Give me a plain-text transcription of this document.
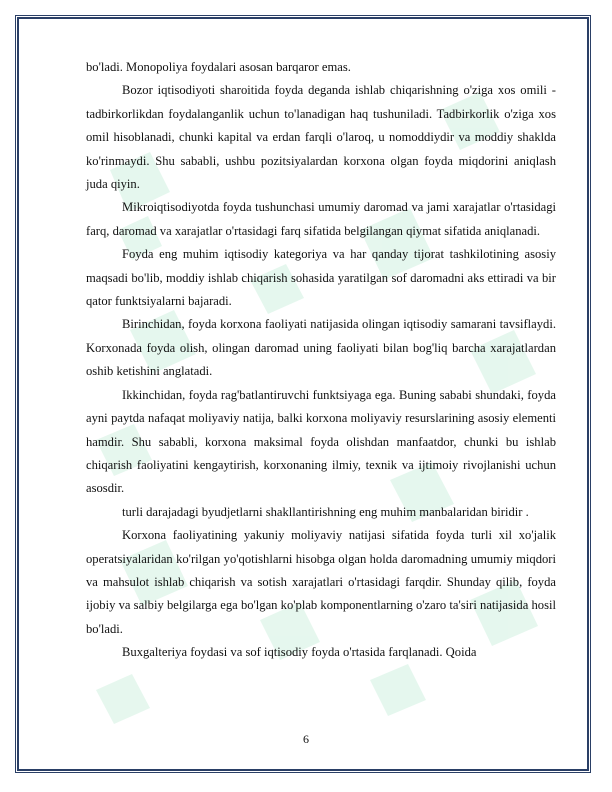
bo'ladi. Monopoliya foydalari asosan barqaror emas.

Bozor iqtisodiyoti sharoitida foyda deganda ishlab chiqarishning o'ziga xos omili - tadbirkorlikdan foydalanganlik uchun to'lanadigan haq tushuniladi. Tadbirkorlik o'ziga xos omil hisoblanadi, chunki kapital va erdan farqli o'laroq, u nomoddiydir va moddiy shaklda ko'rinmaydi. Shu sababli, ushbu pozitsiyalardan korxona olgan foyda miqdorini aniqlash juda qiyin.

Mikroiqtisodiyotda foyda tushunchasi umumiy daromad va jami xarajatlar o'rtasidagi farq, daromad va xarajatlar o'rtasidagi farq sifatida belgilangan qiymat sifatida aniqlanadi.

Foyda eng muhim iqtisodiy kategoriya va har qanday tijorat tashkilotining asosiy maqsadi bo'lib, moddiy ishlab chiqarish sohasida yaratilgan sof daromadni aks ettiradi va bir qator funktsiyalarni bajaradi.

Birinchidan, foyda korxona faoliyati natijasida olingan iqtisodiy samarani tavsiflaydi. Korxonada foyda olish, olingan daromad uning faoliyati bilan bog'liq barcha xarajatlardan oshib ketishini anglatadi.

Ikkinchidan, foyda rag'batlantiruvchi funktsiyaga ega. Buning sababi shundaki, foyda ayni paytda nafaqat moliyaviy natija, balki korxona moliyaviy resurslarining asosiy elementi hamdir. Shu sababli, korxona maksimal foyda olishdan manfaatdor, chunki bu ishlab chiqarish faoliyatini kengaytirish, korxonaning ilmiy, texnik va ijtimoiy rivojlanishi uchun asosdir.

turli darajadagi byudjetlarni shakllantirishning eng muhim manbalaridan biridir .

Korxona faoliyatining yakuniy moliyaviy natijasi sifatida foyda turli xil xo'jalik operatsiyalaridan ko'rilgan yo'qotishlarni hisobga olgan holda daromadning umumiy miqdori va mahsulot ishlab chiqarish va sotish xarajatlari o'rtasidagi farqdir. Shunday qilib, foyda ijobiy va salbiy belgilarga ega bo'lgan ko'plab komponentlarning o'zaro ta'siri natijasida hosil bo'ladi.

Buxgalteriya foydasi va sof iqtisodiy foyda o'rtasida farqlanadi. Qoida

6
